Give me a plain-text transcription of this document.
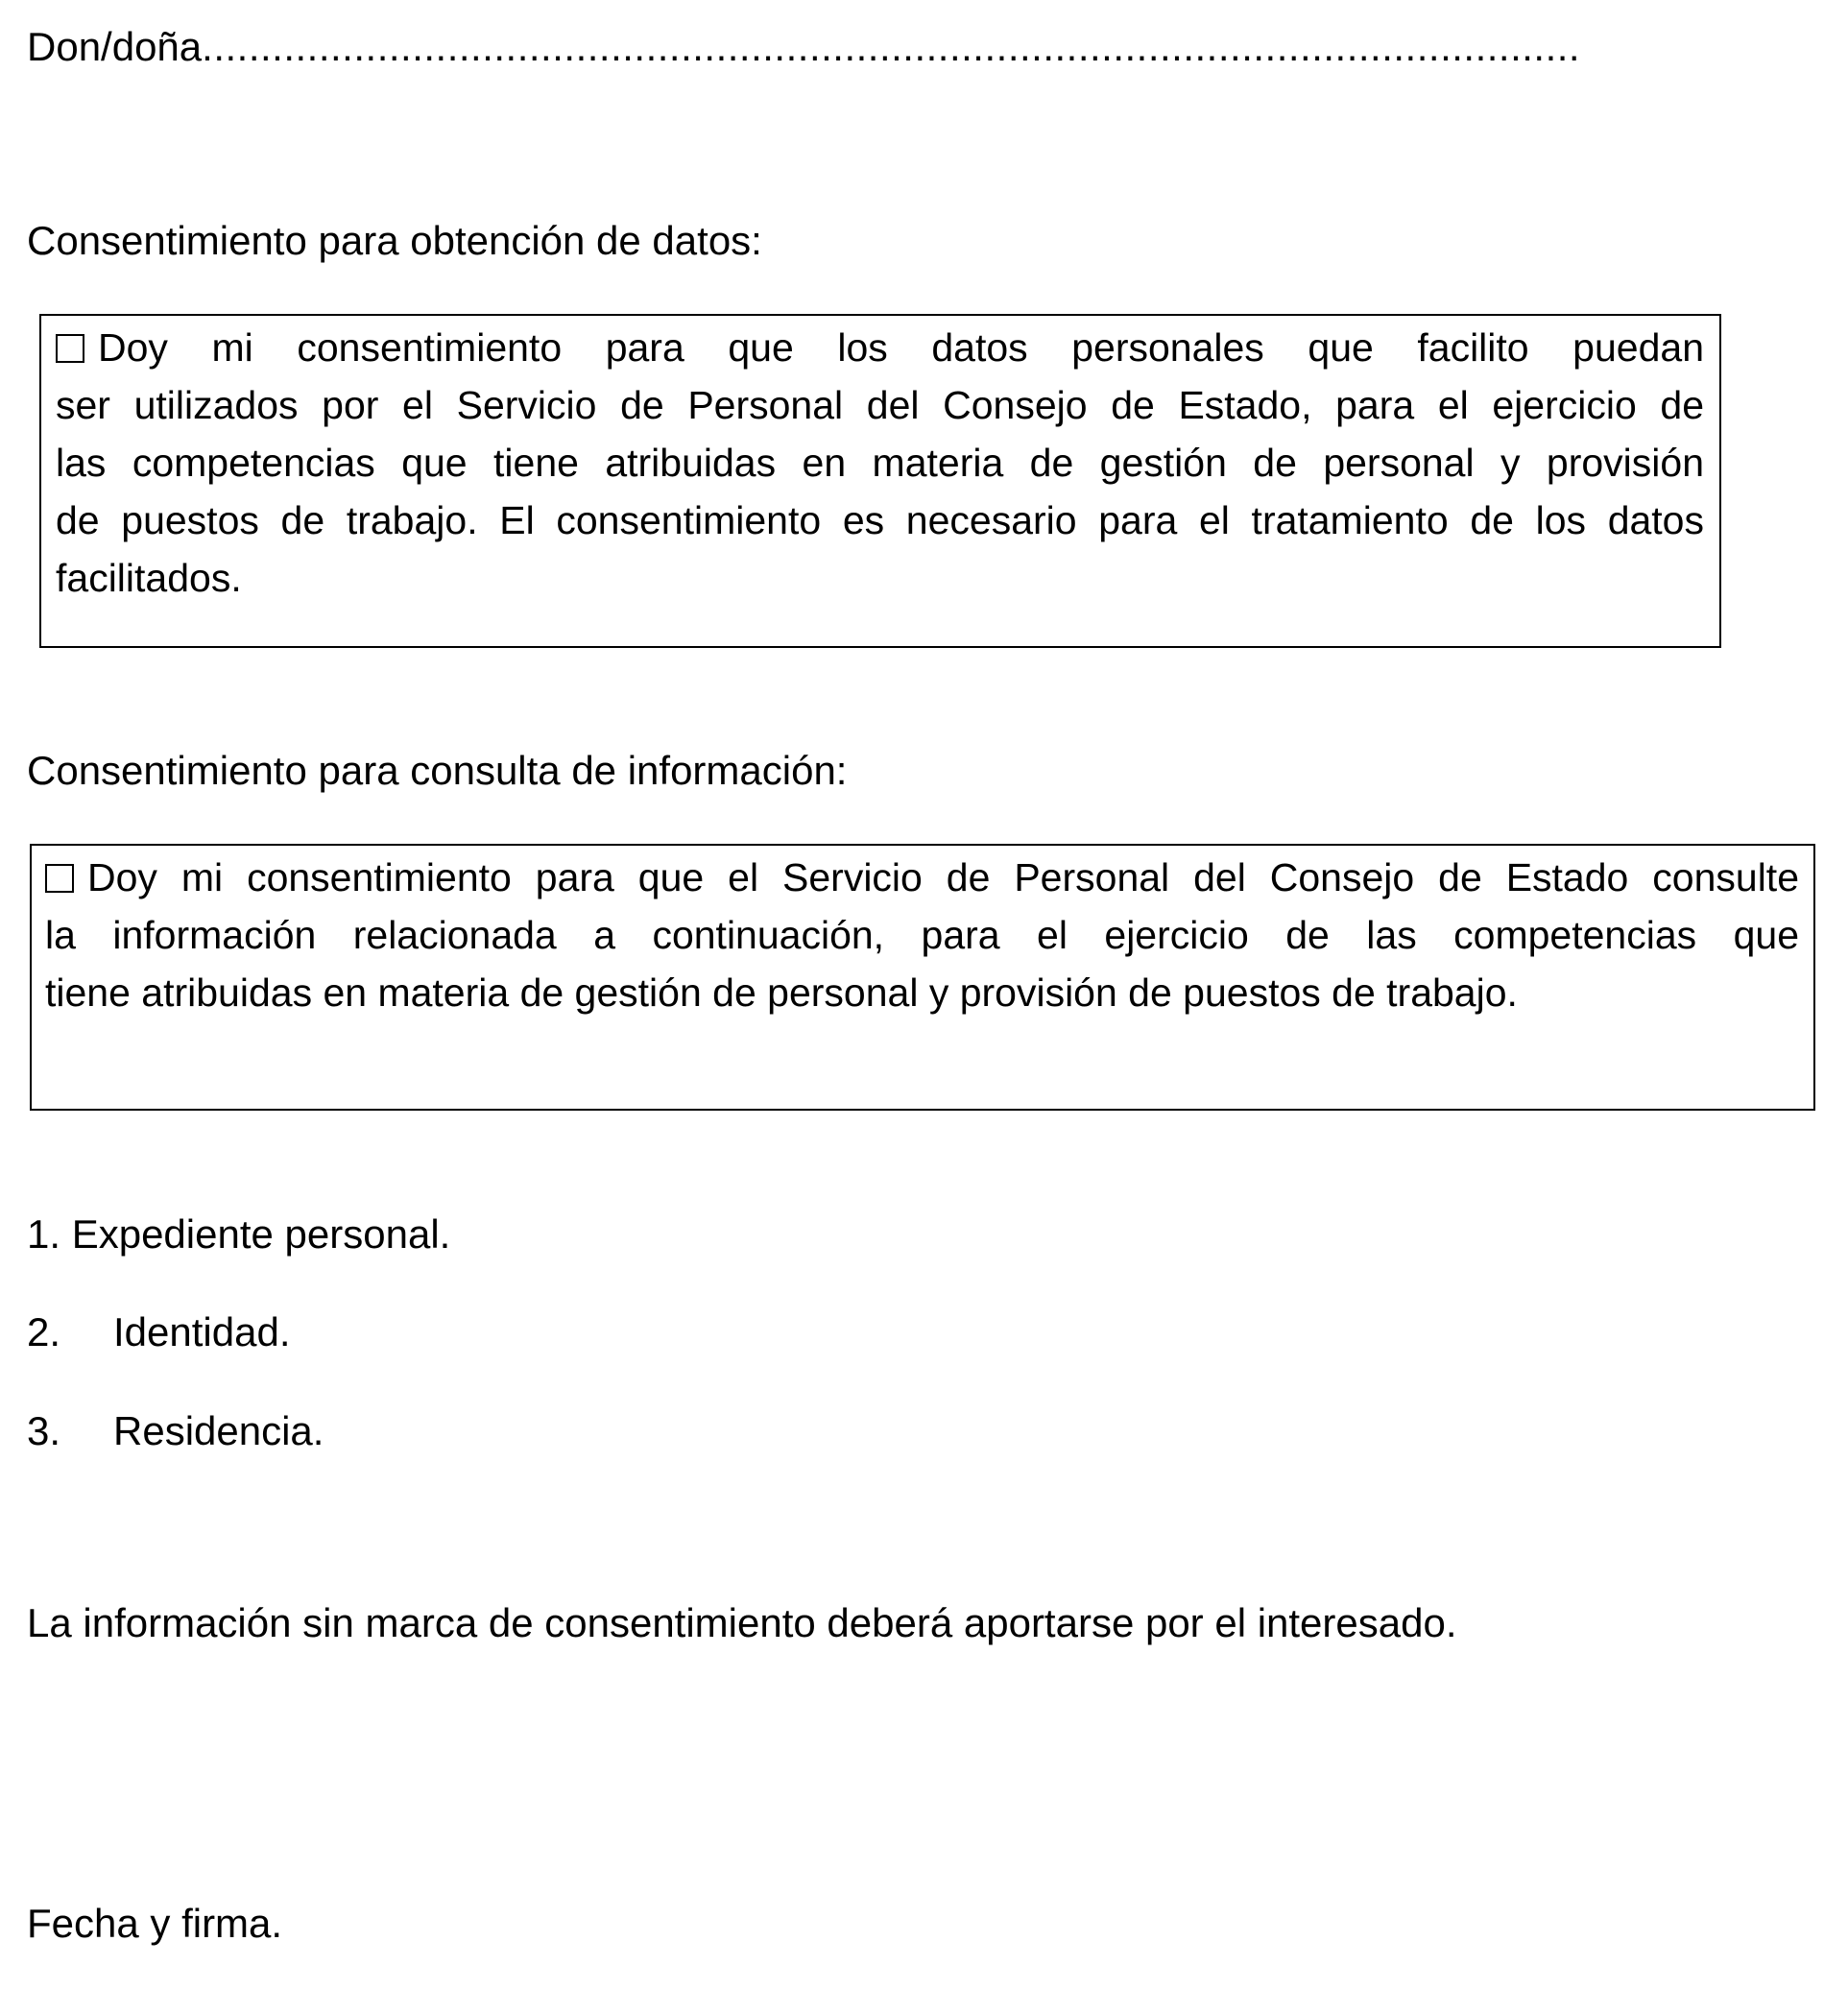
Don/doña......................................................................................................................
Consentimiento para obtención de datos:
Doy mi consentimiento para que los datos personales que facilito puedan
ser utilizados por el Servicio de Personal del Consejo de Estado, para el ejercicio de
las competencias que tiene atribuidas en materia de gestión de personal y provisión
de puestos de trabajo. El consentimiento es necesario para el tratamiento de los datos
facilitados.
Consentimiento para consulta de información:
Doy mi consentimiento para que el Servicio de Personal del Consejo de Estado consulte
la información relacionada a continuación, para el ejercicio de las competencias que
tiene atribuidas en materia de gestión de personal y provisión de puestos de trabajo.
1. Expediente personal.
2. Identidad.
3. Residencia.
La información sin marca de consentimiento deberá aportarse por el interesado.
Fecha y firma.
